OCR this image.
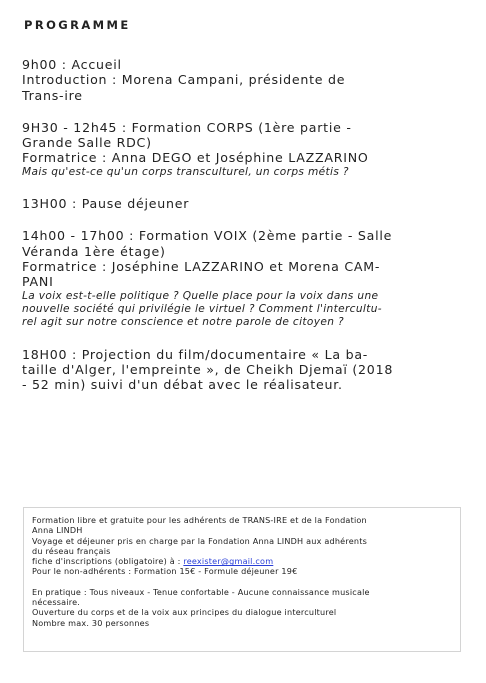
PROGRAMME
9h00 : Accueil
Introduction : Morena Campani, présidente de
Trans-ire
9H30 - 12h45 : Formation CORPS (1ère partie -
Grande Salle RDC)
Formatrice : Anna DEGO et Joséphine LAZZARINO
Mais qu'est-ce qu'un corps transculturel, un corps métis ?
13H00 : Pause déjeuner
14h00 - 17h00 : Formation VOIX (2ème partie - Salle
Véranda 1ère étage)
Formatrice : Joséphine LAZZARINO et Morena CAM-
PANI
La voix est-t-elle politique ? Quelle place pour la voix dans une
nouvelle société qui privilégie le virtuel ? Comment l'intercultu-
rel agit sur notre conscience et notre parole de citoyen ?
18H00 : Projection du film/documentaire « La ba-
taille d'Alger, l'empreinte », de Cheikh Djemaï (2018
- 52 min) suivi d'un débat avec le réalisateur.
Formation libre et gratuite pour les adhérents de TRANS-IRE et de la Fondation
Anna LINDH
Voyage et déjeuner pris en charge par la Fondation Anna LINDH aux adhérents
du réseau français
fiche d'inscriptions (obligatoire) à : reexister@gmail.com
Pour le non-adhérents : Formation 15€ - Formule déjeuner 19€
En pratique : Tous niveaux - Tenue confortable - Aucune connaissance musicale
nécessaire.
Ouverture du corps et de la voix aux principes du dialogue interculturel
Nombre max. 30 personnes
